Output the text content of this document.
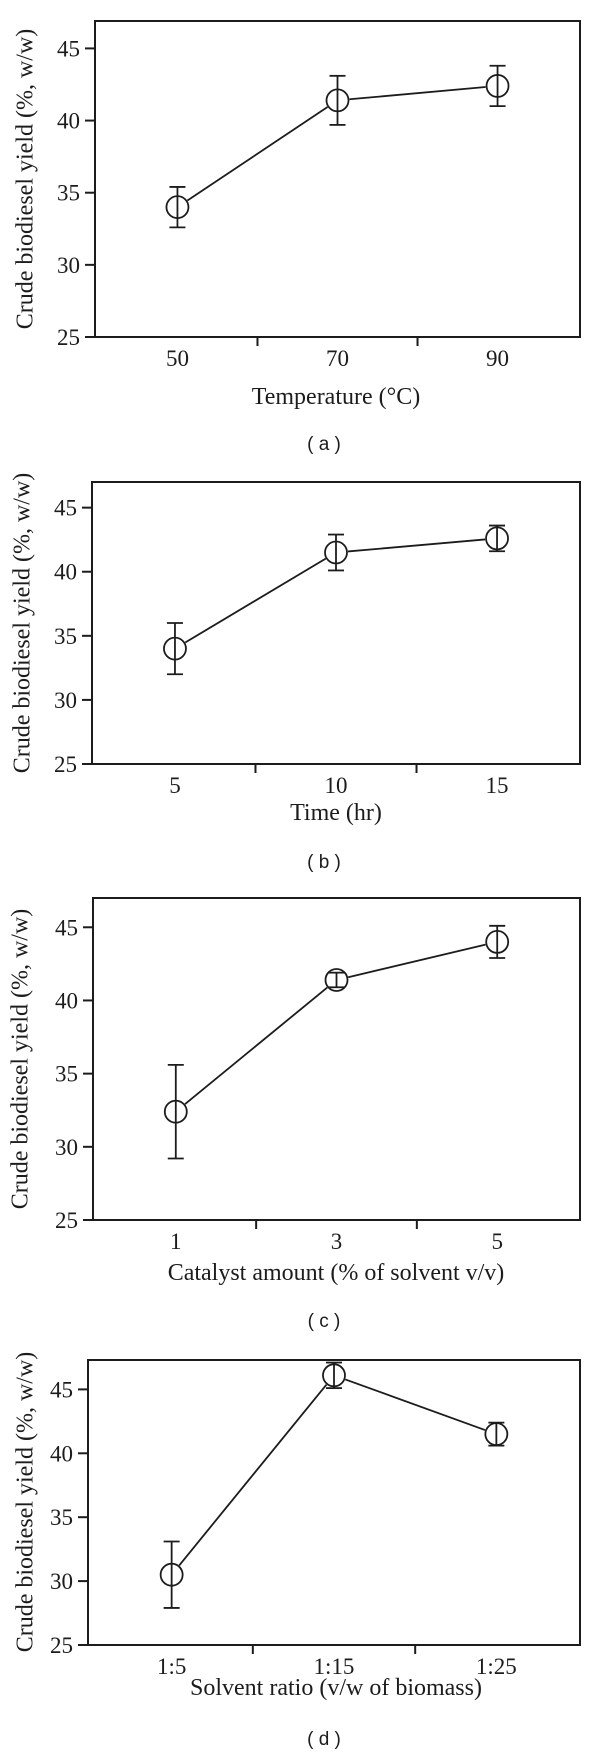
25
30
35
40
45
50	70	90
25
30
35
40
45
5	10	15
25
30
35
40
45
1	3	5
25
30
35
40
45
1:5	1:15	1:25
Crude biodiesel yield (%, w/w)
Crude biodiesel yield (%, w/w)
Crude biodiesel yield (%, w/w)
Crude biodiesel yield (%, w/w)
Temperature (°C)
Time (hr)
Catalyst amount (% of solvent v/v)
Solvent ratio (v/w of biomass)
( a )
( b )
( c )
( d )
